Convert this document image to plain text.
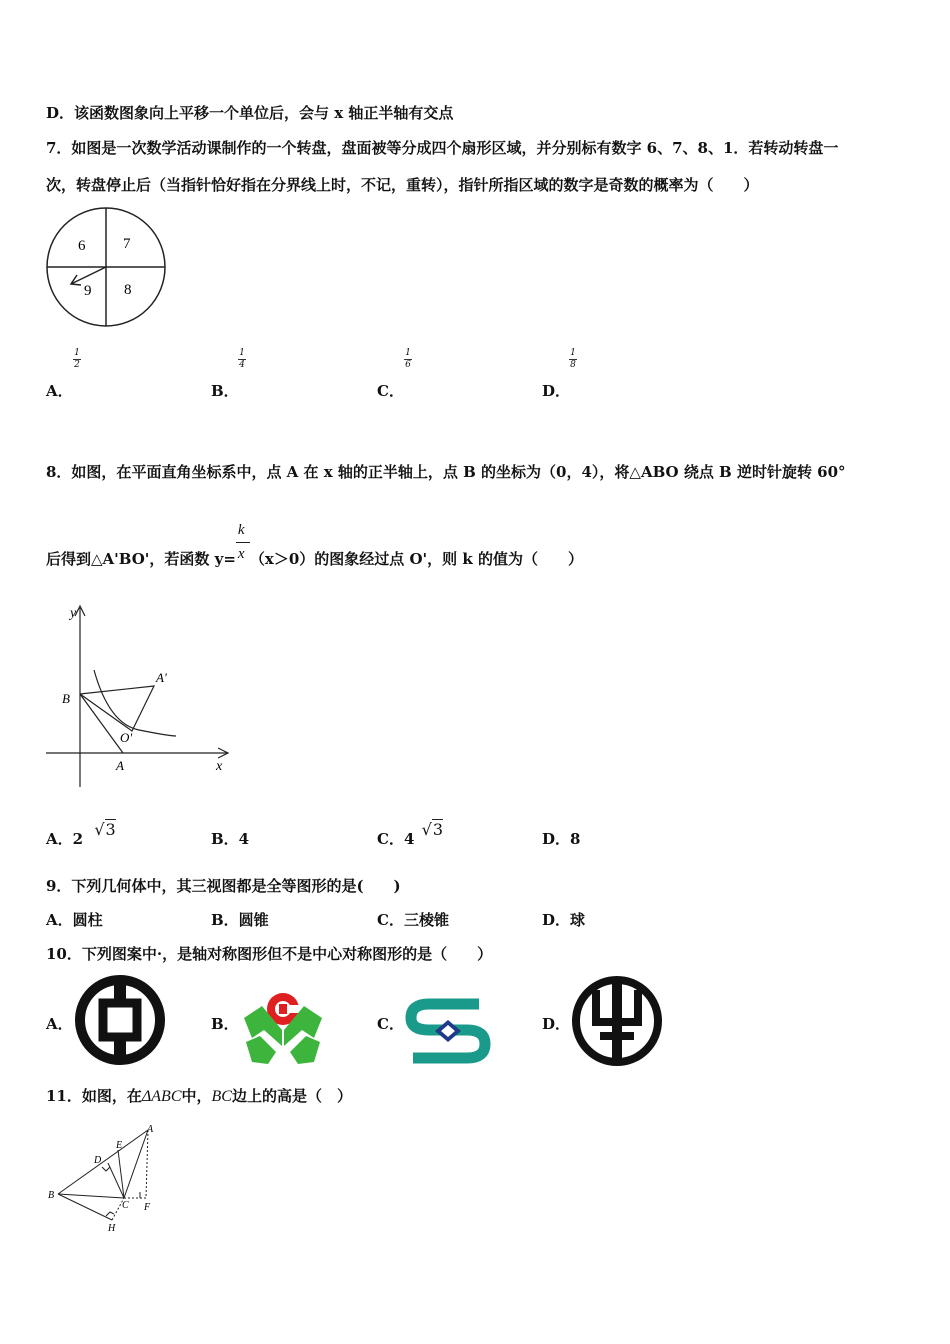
D．该函数图象向上平移一个单位后，会与 x 轴正半轴有交点
7．如图是一次数学活动课制作的一个转盘，盘面被等分成四个扇形区域，并分别标有数字 6、7、8、1．若转动转盘一
次，转盘停止后（当指针恰好指在分界线上时，不记，重转），指针所指区域的数字是奇数的概率为（　　）
6	7
9 8
A．
1
2
B．
1
4
C．
1
6
D．
1
8
8．如图，在平面直角坐标系中，点 A 在 x 轴的正半轴上，点 B 的坐标为（0，4），将△ABO 绕点 B 逆时针旋转 60°
后得到△A'BO'，若函数 $y= \frac{k}{x} (x>0)$的图象经过点 O'，则 k 的值为（　　）
y
x
B
A
A'
O'
A．2 √3	B．4	C．4 √3	D．8
9．下列几何体中，其三视图都是全等图形的是(　　)
A．圆柱	B．圆锥	C．三棱锥	D．球
10．下列图案中·，是轴对称图形但不是中心对称图形的是（　　）
A．	B．	C．	D．
11．如图，在ΔABC中，BC边上的高是（　）
A
B
C
D
E
F
H
